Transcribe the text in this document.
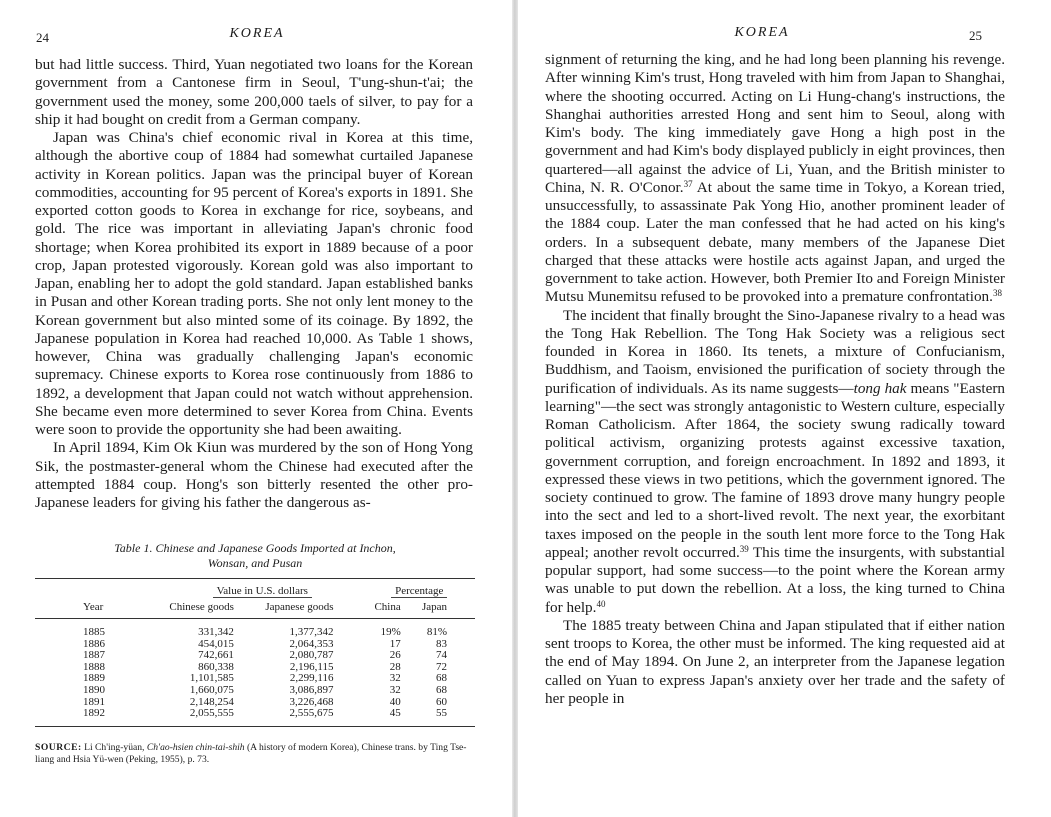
24	KOREA

but had little success. Third, Yuan negotiated two loans for the Korean government from a Cantonese firm in Seoul, T'ung-shun-t'ai; the government used the money, some 200,000 taels of silver, to pay for a ship it had bought on credit from a German company.

Japan was China's chief economic rival in Korea at this time, although the abortive coup of 1884 had somewhat curtailed Japanese activity in Korean politics. Japan was the principal buyer of Korean commodities, accounting for 95 percent of Korea's exports in 1891. She exported cotton goods to Korea in exchange for rice, soybeans, and gold. The rice was important in alleviating Japan's chronic food shortage; when Korea prohibited its export in 1889 because of a poor crop, Japan protested vigorously. Korean gold was also important to Japan, enabling her to adopt the gold standard. Japan established banks in Pusan and other Korean trading ports. She not only lent money to the Korean government but also minted some of its coinage. By 1892, the Japanese population in Korea had reached 10,000. As Table 1 shows, however, China was gradually challenging Japan's economic supremacy. Chinese exports to Korea rose continuously from 1886 to 1892, a development that Japan could not watch without apprehension. She became even more determined to sever Korea from China. Events were soon to provide the opportunity she had been awaiting.

In April 1894, Kim Ok Kiun was murdered by the son of Hong Yong Sik, the postmaster-general whom the Chinese had executed after the attempted 1884 coup. Hong's son bitterly resented the other pro-Japanese leaders for giving his father the dangerous as-

Table 1. Chinese and Japanese Goods Imported at Inchon,
Wonsan, and Pusan
	Value in U.S. dollars		Percentage	
Year	Chinese goods	Japanese goods	China	Japan
1885	331,342	1,377,342	19%	81%
1886	454,015	2,064,353	17	83
1887	742,661	2,080,787	26	74
1888	860,338	2,196,115	28	72
1889	1,101,585	2,299,116	32	68
1890	1,660,075	3,086,897	32	68
1891	2,148,254	3,226,468	40	60
1892	2,055,555	2,555,675	45	55
SOURCE: Li Ch'ing-yüan, Ch'ao-hsien chin-tai-shih (A history of modern Korea), Chinese trans. by Ting Tse-liang and Hsia Yü-wen (Peking, 1955), p. 73.
KOREA	25

signment of returning the king, and he had long been planning his revenge. After winning Kim's trust, Hong traveled with him from Japan to Shanghai, where the shooting occurred. Acting on Li Hung-chang's instructions, the Shanghai authorities arrested Hong and sent him to Seoul, along with Kim's body. The king immediately gave Hong a high post in the government and had Kim's body displayed publicly in eight provinces, then quartered—all against the advice of Li, Yuan, and the British minister to China, N. R. O'Conor.$^{37}$ At about the same time in Tokyo, a Korean tried, unsuccessfully, to assassinate Pak Yong Hio, another prominent leader of the 1884 coup. Later the man confessed that he had acted on his king's orders. In a subsequent debate, many members of the Japanese Diet charged that these attacks were hostile acts against Japan, and urged the government to take action. However, both Premier Ito and Foreign Minister Mutsu Munemitsu refused to be provoked into a premature confrontation.$^{38}$

The incident that finally brought the Sino-Japanese rivalry to a head was the Tong Hak Rebellion. The Tong Hak Society was a religious sect founded in Korea in 1860. Its tenets, a mixture of Confucianism, Buddhism, and Taoism, envisioned the purification of society through the purification of individuals. As its name suggests—tong hak means "Eastern learning"—the sect was strongly antagonistic to Western culture, especially Roman Catholicism. After 1864, the society swung radically toward political activism, organizing protests against excessive taxation, government corruption, and foreign encroachment. In 1892 and 1893, it expressed these views in two petitions, which the government ignored. The society continued to grow. The famine of 1893 drove many hungry people into the sect and led to a short-lived revolt. The next year, the exorbitant taxes imposed on the people in the south lent more force to the Tong Hak appeal; another revolt occurred.$^{39}$ This time the insurgents, with substantial popular support, had some success—to the point where the Korean army was unable to put down the rebellion. At a loss, the king turned to China for help.$^{40}$

The 1885 treaty between China and Japan stipulated that if either nation sent troops to Korea, the other must be informed. The king requested aid at the end of May 1894. On June 2, an interpreter from the Japanese legation called on Yuan to express Japan's anxiety over her trade and the safety of her people in
